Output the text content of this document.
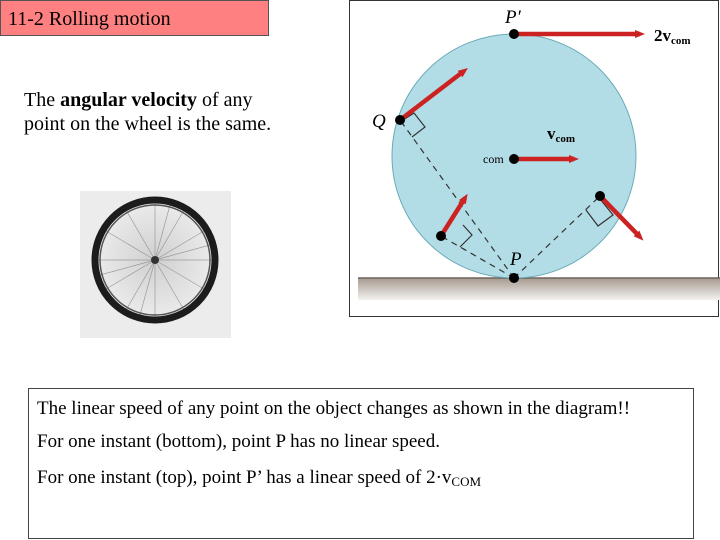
11-2 Rolling motion
The angular velocity of any point on the wheel is the same.
P′
Q
P
com
2vcom
vcom

The linear speed of any point on the object changes as shown in the diagram!!

For one instant (bottom), point P has no linear speed.

For one instant (top), point P’ has a linear speed of $2\cdot v_{COM}$
